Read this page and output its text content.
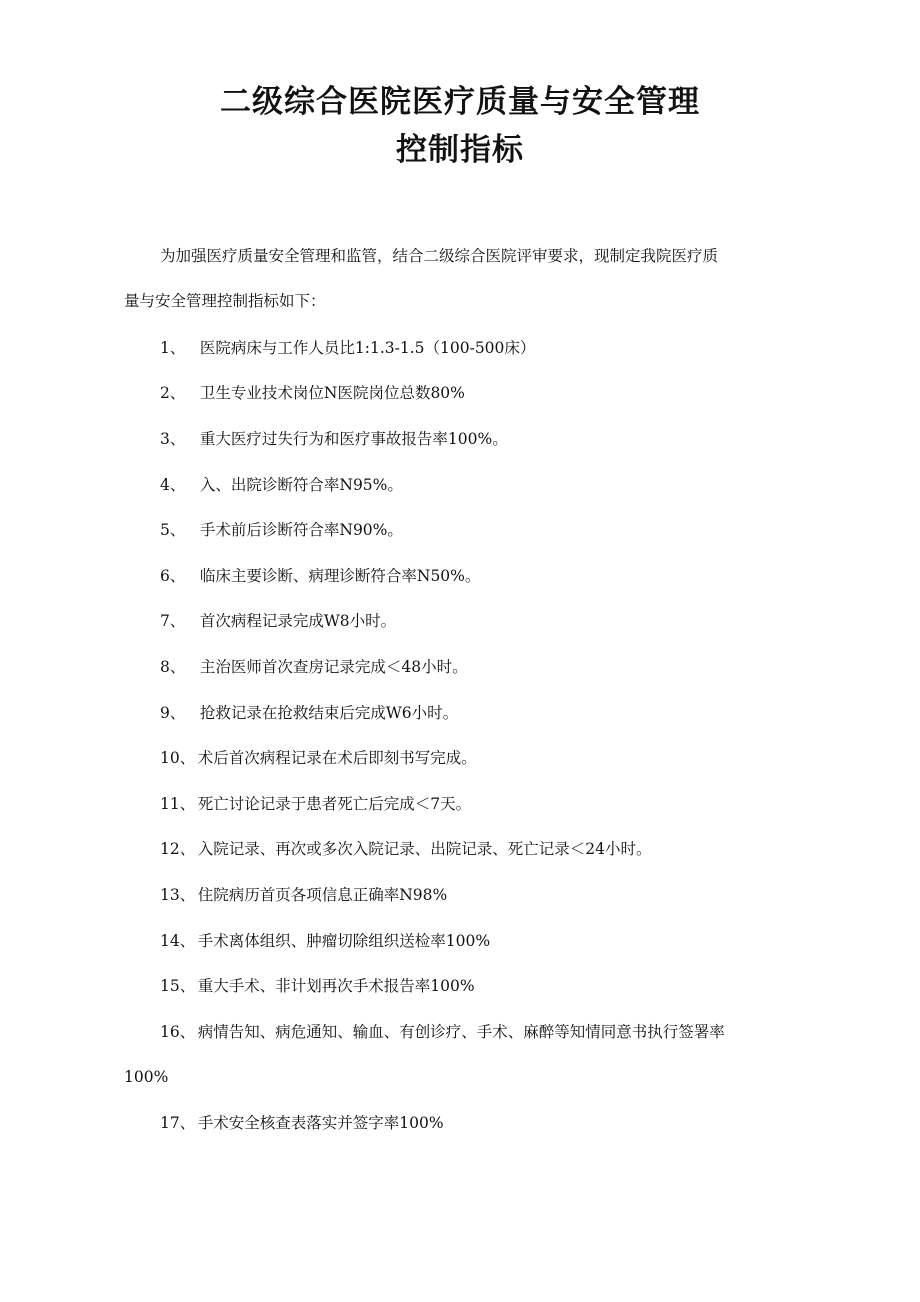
二级综合医院医疗质量与安全管理
控制指标
为加强医疗质量安全管理和监管，结合二级综合医院评审要求，现制定我院医疗质
量与安全管理控制指标如下：
1、 医院病床与工作人员比1:1.3-1.5（100-500床）
2、 卫生专业技术岗位N医院岗位总数80%
3、 重大医疗过失行为和医疗事故报告率100%。
4、 入、出院诊断符合率N95%。
5、 手术前后诊断符合率N90%。
6、 临床主要诊断、病理诊断符合率N50%。
7、 首次病程记录完成W8小时。
8、 主治医师首次查房记录完成＜48小时。
9、 抢救记录在抢救结束后完成W6小时。
10、 术后首次病程记录在术后即刻书写完成。
11、 死亡讨论记录于患者死亡后完成＜7天。
12、 入院记录、再次或多次入院记录、出院记录、死亡记录＜24小时。
13、 住院病历首页各项信息正确率N98%
14、 手术离体组织、肿瘤切除组织送检率100%
15、 重大手术、非计划再次手术报告率100%
16、 病情告知、病危通知、输血、有创诊疗、手术、麻醉等知情同意书执行签署率
100%
17、 手术安全核查表落实并签字率100%
